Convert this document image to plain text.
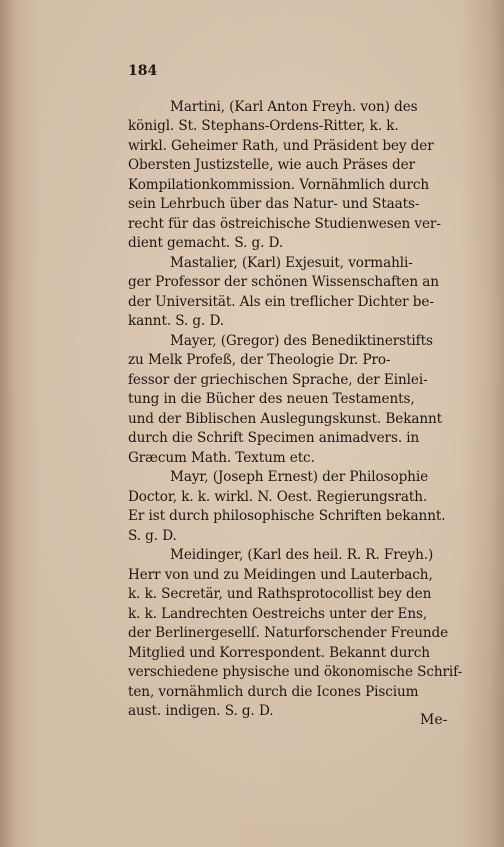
184
Martini, (Karl Anton Freyh. von) des
königl. St. Stephans-Ordens-Ritter, k. k.
wirkl. Geheimer Rath, und Präsident bey der
Obersten Justizstelle, wie auch Präses der
Kompilationkommission. Vornähmlich durch
sein Lehrbuch über das Natur- und Staats-
recht für das östreichische Studienwesen ver-
dient gemacht. S. g. D.
Mastalier, (Karl) Exjesuit, vormahli-
ger Professor der schönen Wissenschaften an
der Universität. Als ein treflicher Dichter be-
kannt. S. g. D.
Mayer, (Gregor) des Benediktinerstifts
zu Melk Profeß, der Theologie Dr. Pro-
fessor der griechischen Sprache, der Einlei-
tung in die Bücher des neuen Testaments,
und der Biblischen Auslegungskunst. Bekannt
durch die Schrift Specimen animadvers. in
Græcum Math. Textum etc.
Mayr, (Joseph Ernest) der Philosophie
Doctor, k. k. wirkl. N. Oest. Regierungsrath.
Er ist durch philosophische Schriften bekannt.
S. g. D.
Meidinger, (Karl des heil. R. R. Freyh.)
Herr von und zu Meidingen und Lauterbach,
k. k. Secretär, und Rathsprotocollist bey den
k. k. Landrechten Oestreichs unter der Ens,
der Berlinergesellſ. Naturforschender Freunde
Mitglied und Korrespondent. Bekannt durch
verschiedene physische und ökonomische Schrif-
ten, vornähmlich durch die Icones Piscium
aust. indigen. S. g. D.
Me-
